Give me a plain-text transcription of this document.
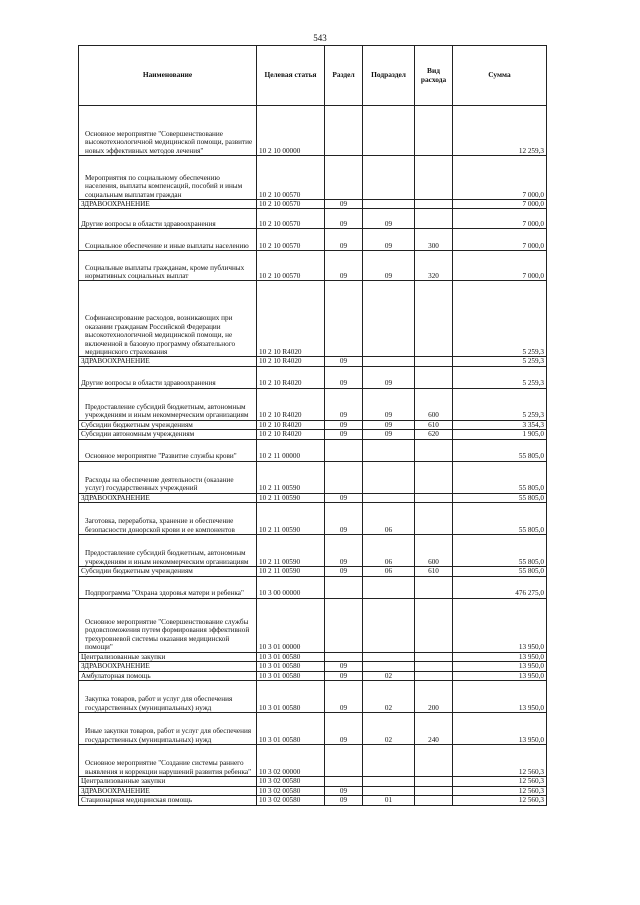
543
Наименование	Целевая статья	Раздел	Подраздел	Вид расхода	Сумма
Основное мероприятие "Совершенствование высокотехнологичной медицинской помощи, развитие новых эффективных методов лечения"	10 2 10 00000				12 259,3
Мероприятия по социальному обеспечению населения, выплаты компенсаций, пособий и иным социальным выплатам граждан	10 2 10 00570				7 000,0
ЗДРАВООХРАНЕНИЕ	10 2 10 00570	09			7 000,0
Другие вопросы в области здравоохранения	10 2 10 00570	09	09		7 000,0
Социальное обеспечение и иные выплаты населению	10 2 10 00570	09	09	300	7 000,0
Социальные выплаты гражданам, кроме публичных нормативных социальных выплат	10 2 10 00570	09	09	320	7 000,0
Софинансирование расходов, возникающих при оказании гражданам Российской Федерации высокотехнологичной медицинской помощи, не включенной в базовую программу обязательного медицинского страхования	10 2 10 R4020				5 259,3
ЗДРАВООХРАНЕНИЕ	10 2 10 R4020	09			5 259,3
Другие вопросы в области здравоохранения	10 2 10 R4020	09	09		5 259,3
Предоставление субсидий бюджетным, автономным учреждениям и иным некоммерческим организациям	10 2 10 R4020	09	09	600	5 259,3
Субсидии бюджетным учреждениям	10 2 10 R4020	09	09	610	3 354,3
Субсидии автономным учреждениям	10 2 10 R4020	09	09	620	1 905,0
Основное мероприятие "Развитие службы крови"	10 2 11 00000				55 805,0
Расходы на обеспечение деятельности (оказание услуг) государственных учреждений	10 2 11 00590				55 805,0
ЗДРАВООХРАНЕНИЕ	10 2 11 00590	09			55 805,0
Заготовка, переработка, хранение и обеспечение безопасности донорской крови и ее компонентов	10 2 11 00590	09	06		55 805,0
Предоставление субсидий бюджетным, автономным учреждениям и иным некоммерческим организациям	10 2 11 00590	09	06	600	55 805,0
Субсидии бюджетным учреждениям	10 2 11 00590	09	06	610	55 805,0
Подпрограмма "Охрана здоровья матери и ребенка"	10 3 00 00000				476 275,0
Основное мероприятие "Совершенствование службы родовспоможения путем формирования эффективной трехуровневой системы оказания медицинской помощи"	10 3 01 00000				13 950,0
Централизованные закупки	10 3 01 00580				13 950,0
ЗДРАВООХРАНЕНИЕ	10 3 01 00580	09			13 950,0
Амбулаторная помощь	10 3 01 00580	09	02		13 950,0
Закупка товаров, работ и услуг для обеспечения государственных (муниципальных) нужд	10 3 01 00580	09	02	200	13 950,0
Иные закупки товаров, работ и услуг для обеспечения государственных (муниципальных) нужд	10 3 01 00580	09	02	240	13 950,0
Основное мероприятие "Создание системы раннего выявления и коррекции нарушений развития ребенка"	10 3 02 00000				12 560,3
Централизованные закупки	10 3 02 00580				12 560,3
ЗДРАВООХРАНЕНИЕ	10 3 02 00580	09			12 560,3
Стационарная медицинская помощь	10 3 02 00580	09	01		12 560,3
